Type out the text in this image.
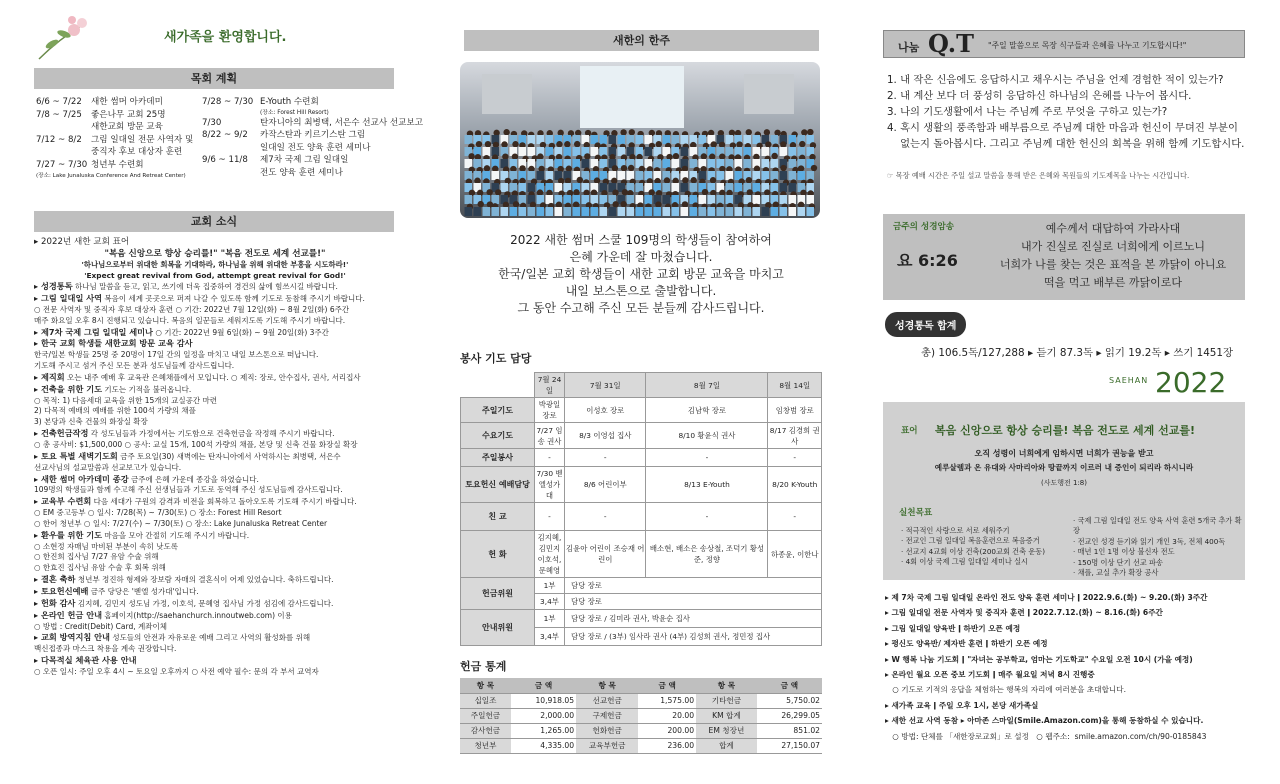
새가족을 환영합니다.
목회 계획
6/6 ~ 7/22 새한 썸머 아카데미
7/8 ~ 7/25 좋은나무 교회 25명
새한교회 방문 교육
7/12 ~ 8/2 그림 일대일 전문 사역자 및
중직자 후보 대상자 훈련
7/27 ~ 7/30 청년부 수련회
(장소: Lake Junaluska Conference And Retreat Center)
7/28 ~ 7/30 E-Youth 수련회
(장소: Forest Hill Resort)
7/30	탄자니아의 최병택, 서은수 선교사 선교보고
8/22 ~ 9/2 카작스탄과 키르기스탄 그림
일대일 전도 양육 훈련 세미나
9/6 ~ 11/8 제7차 국제 그림 일대일
전도 양육 훈련 세미나
교회 소식
▸ 2022년 새한 교회 표어
"복음 신앙으로 향상 승리를!" "복음 전도로 세계 선교를!"
'하나님으로부터 위대한 회복을 기대하라, 하나님을 위해 위대한 부흥을 시도하라!'
'Expect great revival from God, attempt great revival for God!'
▸ 성경통독 하나님 말씀을 듣고, 읽고, 쓰기에 더욱 집중하여 경건의 삶에 힘쓰시길 바랍니다.
▸ 그림 일대일 사역 복음이 세계 곳곳으로 퍼져 나갈 수 있도록 함께 기도로 동참해 주시기 바랍니다.
○ 전문 사역자 및 중직자 후보 대상자 훈련 ○ 기간: 2022년 7월 12일(화) ~ 8월 2일(화) 6주간
매주 화요일 오후 8시 진행되고 있습니다. 복음의 일꾼들로 세워지도록 기도해 주시기 바랍니다.
▸ 제7차 국제 그림 일대일 세미나 ○ 기간: 2022년 9월 6일(화) ~ 9월 20일(화) 3주간
▸ 한국 교회 학생들 새한교회 방문 교육 감사
한국/일본 학생들 25명 중 20명이 17일 간의 일정을 마치고 내일 보스톤으로 떠납니다.
기도해 주시고 섬겨 주신 모든 분과 성도님들께 감사드립니다.
▸ 제직회 오는 내주 예배 후 교육관 은혜채플에서 모입니다. ○ 제직: 장로, 안수집사, 권사, 서리집사
▸ 건축을 위한 기도 기도는 기적을 불러옵니다.
○ 목적: 1) 다음세대 교육을 위한 15개의 교실공간 마련
2) 다목적 예배의 예배를 위한 100석 가량의 채플
3) 본당과 신축 건물의 화장실 확장
▸ 건축헌금작정 각 성도님들과 가정에서는 기도함으로 건축헌금을 작정해 주시기 바랍니다.
○ 총 공사비: $1,500,000 ○ 공사: 교실 15개, 100석 가량의 채플, 본당 및 신축 건물 화장실 확장
▸ 토요 특별 새벽기도회 금주 토요일(30) 새벽에는 탄자니아에서 사역하시는 최병택, 서은수
선교사님의 설교말씀과 선교보고가 있습니다.
▸ 새한 썸머 아카데미 종강 금주에 은혜 가운데 종강을 하였습니다.
109명의 학생들과 함께 수고해 주신 선생님들과 기도로 동역해 주신 성도님들께 감사드립니다.
▸ 교육부 수련회 다음 세대가 구원의 감격과 비전을 회복하고 돌아오도록 기도해 주시기 바랍니다.
○ EM 중고등부 ○ 일시: 7/28(목) ~ 7/30(토) ○ 장소: Forest Hill Resort
○ 한어 청년부 ○ 일시: 7/27(수) ~ 7/30(토) ○ 장소: Lake Junaluska Retreat Center
▸ 환우를 위한 기도 마음을 모아 간절히 기도해 주시기 바랍니다.
○ 소현정 자매님 마비된 부분이 속히 낫도록
○ 한진희 집사님 7/27 유암 수술 위해
○ 한효진 집사님 유암 수술 후 회복 위해
▸ 결혼 축하 청년부 정진하 형제와 장보람 자매의 결혼식이 어제 있었습니다. 축하드립니다.
▸ 토요헌신예배 금주 당당은 '벧엘 성가대'입니다.
▸ 헌화 감사 김지혜, 김민지 성도님 가정, 이호석, 문혜영 집사님 가정 섬김에 감사드립니다.
▸ 온라인 헌금 안내 홈페이지(http://saehanchurch.innoutweb.com) 이용
○ 방법 : Credit(Debit) Card, 계좌이체
▸ 교회 방역지침 안내 성도들의 안전과 자유로운 예배 그리고 사역의 활성화를 위해
백신접종과 마스크 착용을 계속 권장합니다.
▸ 다목적실 체육관 사용 안내
○ 오픈 일시: 주일 오후 4시 ~ 토요일 오후까지 ○ 사전 예약 필수: 문의 각 부서 교역자
새한의 한주
2022 새한 썸머 스쿨 109명의 학생들이 참여하여
은혜 가운데 잘 마쳤습니다.
한국/일본 교회 학생들이 새한 교회 방문 교육을 마치고
내일 보스톤으로 출발합니다.
그 동안 수고해 주신 모든 분들께 감사드립니다.
봉사 기도 담당
	7월 24일	7월 31일	8월 7일	8월 14일
주일기도	박광일 장로	이성호 장로	김남학 장로	임창범 장로
수요기도	7/27 임 송 권사	8/3 이영섭 집사	8/10 황윤식 권사	8/17 김경희 권사
주일봉사	-	-	-	-
토요헌신 예배담당	7/30 벧엘성가대	8/6 어린이부	8/13 E-Youth	8/20 K-Youth
친 교	-	-	-	-
헌 화	김지혜, 김민지 이호석, 문혜영	김윤아 어린이 조승재 어린이	배소현, 배소은 송상철, 조덕기 황성준, 정향	하종윤, 이한나
헌금위원	1부	담당 장로		
	3,4부	담당 장로		
안내위원	1부	담당 장로 / 김미라 권사, 박윤순 집사		
	3,4부	담당 장로 / (3부) 임사라 권사 (4부) 김성희 권사, 정민정 집사		
헌금 통계
항 목	금 액	항 목	금 액	항 목	금 액
십일조	10,918.05	선교헌금	1,575.00	기타헌금	5,750.02
주일헌금	2,000.00	구제헌금	20.00	KM 합계	26,299.05
감사헌금	1,265.00	헌화헌금	200.00	EM 청장년	851.02
청년부	4,335.00	교육부헌금	236.00	합계	27,150.07
나눔 Q.T "주일 말씀으로 목장 식구들과 은혜를 나누고 기도합시다!"
1. 내 작은 신음에도 응답하시고 채우시는 주님을 언제 경험한 적이 있는가?
2. 내 계산 보다 더 풍성히 응답하신 하나님의 은혜를 나누어 봅시다.
3. 나의 기도생활에서 나는 주님께 주로 무엇을 구하고 있는가?
4. 혹시 생활의 풍족함과 배부름으로 주님께 대한 마음과 헌신이 무뎌진 부분이
없는지 돌아봅시다. 그리고 주님께 대한 헌신의 회복을 위해 함께 기도합시다.
☞ 목장 예배 시간은 주일 설교 말씀을 통해 받은 은혜와 목원들의 기도제목을 나누는 시간입니다.
금주의 성경암송
요 6:26
예수께서 대답하여 가라사대
내가 진실로 진실로 너희에게 이르노니
너희가 나를 찾는 것은 표적을 본 까닭이 아니요
떡을 먹고 배부른 까닭이로다
성경통독 합계
총) 106.5독/127,288 ▸ 듣기 87.3독 ▸ 읽기 19.2독 ▸ 쓰기 1451장
SAEHAN 2022
표어 복음 신앙으로 항상 승리를! 복음 전도로 세계 선교를!
오직 성령이 너희에게 임하시면 너희가 권능을 받고
예루살렘과 온 유대와 사마리아와 땅끝까지 이르러 내 증인이 되리라 하시니라
(사도행전 1:8)
실천목표
· 적극적인 사랑으로 서로 세워주기
· 전교인 그림 일대일 복음훈련으로 복음증거
· 선교지 4교회 이상 건축(200교회 건축 운동)
· 4회 이상 국제 그림 일대일 세미나 실시
· 국제 그림 일대일 전도 양육 사역 훈련 5개국 추가 확장
· 전교인 성경 듣기와 읽기 개인 3독, 전체 400독
· 매년 1인 1명 이상 불신자 전도
· 150명 이상 단기 선교 파송
· 채플, 교실 추가 확장 공사
▸ 제 7차 국제 그림 일대일 온라인 전도 양육 훈련 세미나 ǀ 2022.9.6.(화) ~ 9.20.(화) 3주간
▸ 그림 일대일 전문 사역자 및 중직자 훈련 ǀ 2022.7.12.(화) ~ 8.16.(화) 6주간
▸ 그림 일대일 양육반 ǀ 하반기 오픈 예정
▸ 평신도 양육반/ 제자반 훈련 ǀ 하반기 오픈 예정
▸ W 행복 나눔 기도회 ǀ "자녀는 공부학교, 엄마는 기도학교" 수요일 오전 10시 (가을 예정)
▸ 온라인 월요 오픈 중보 기도회 ǀ 매주 월요일 저녁 8시 진행중
○ 기도로 기적의 응답을 체험하는 행복의 자리에 여러분을 초대합니다.
▸ 새가족 교육 ǀ 주일 오후 1시, 본당 새가족실
▸ 새한 선교 사역 동참 ▸ 아마존 스마일(Smile.Amazon.com)을 통해 동참하실 수 있습니다.
○ 방법: 단체를 「새한장로교회」로 설정   ○ 웹주소:  smile.amazon.com/ch/90-0185843
